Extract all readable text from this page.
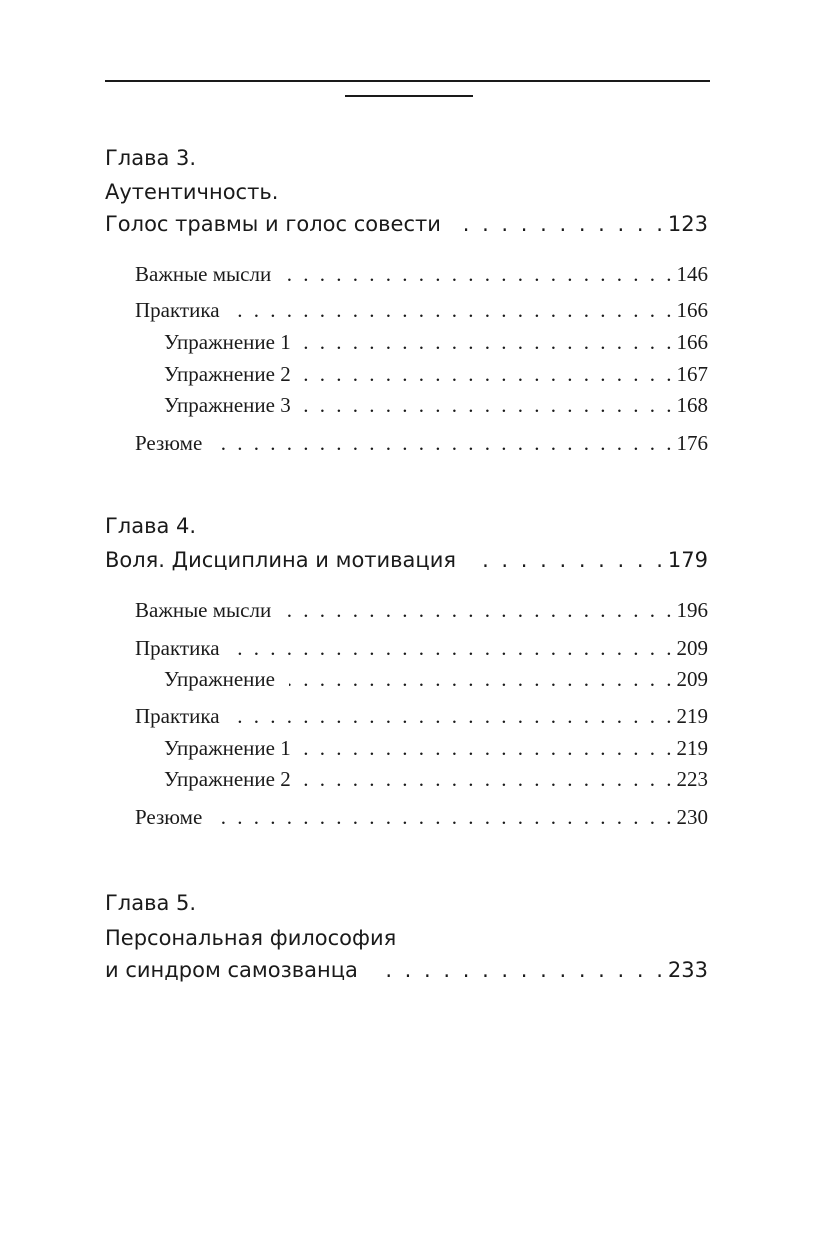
Глава 3.
Аутентичность.
Голос травмы и голос совести . . .	123
Важные мысли . . .	146
Практика . . .	166
Упражнение 1 . . .	166
Упражнение 2 . . .	167
Упражнение 3 . . .	168
Резюме . . .	176
Глава 4.
Воля. Дисциплина и мотивация . . .	179
Важные мысли . . .	196
Практика . . .	209
Упражнение . . .	209
Практика . . .	219
Упражнение 1 . . .	219
Упражнение 2 . . .	223
Резюме . . .	230
Глава 5.
Персональная философия
и синдром самозванца . . .	233
